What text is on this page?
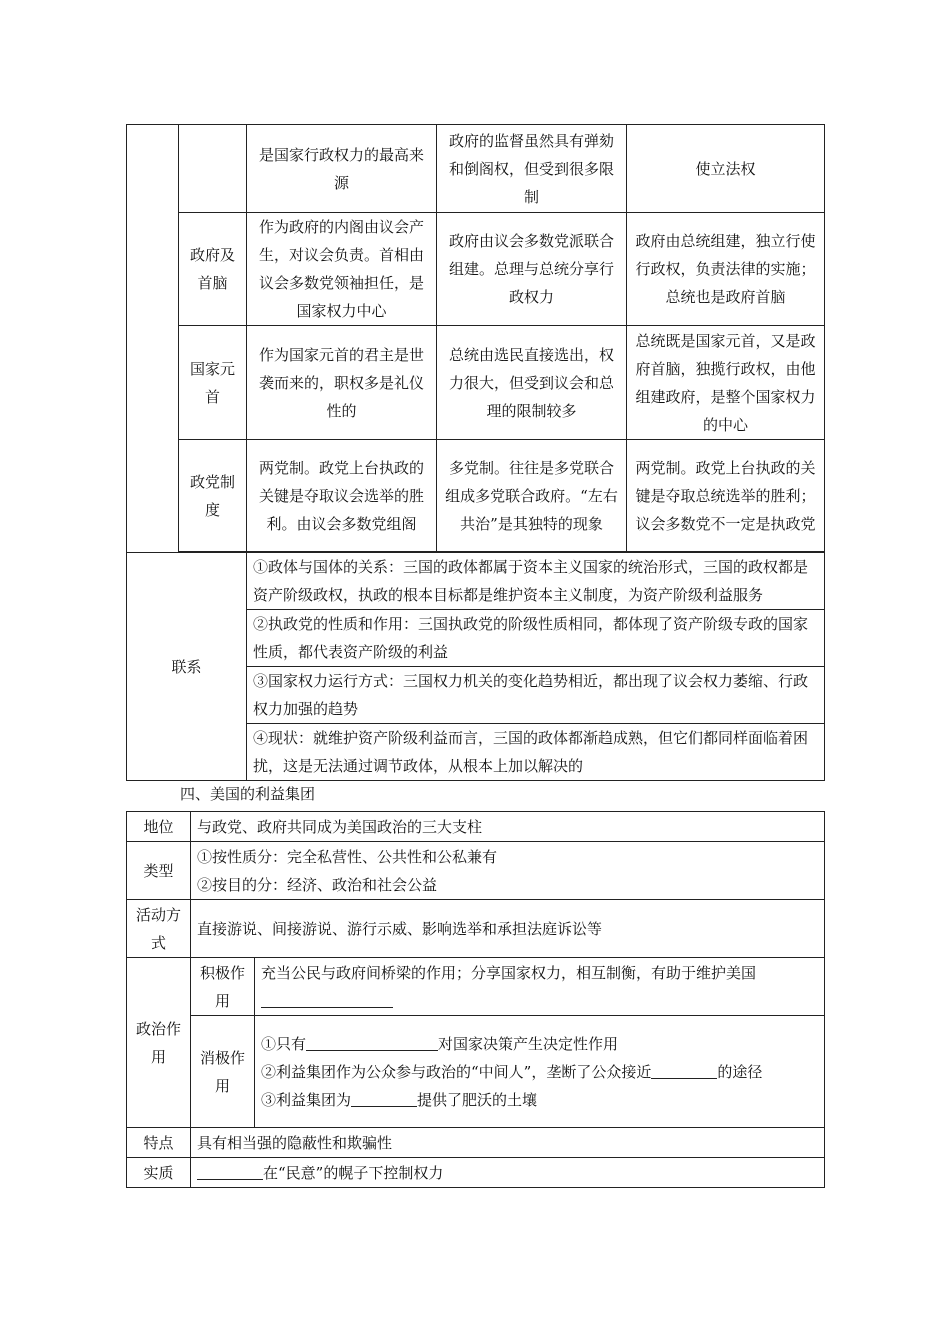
		是国家行政权力的最高来源	政府的监督虽然具有弹劾和倒阁权，但受到很多限制	使立法权
	政府及首脑	作为政府的内阁由议会产生，对议会负责。首相由议会多数党领袖担任，是国家权力中心	政府由议会多数党派联合组建。总理与总统分享行政权力	政府由总统组建，独立行使行政权，负责法律的实施；总统也是政府首脑
	国家元首	作为国家元首的君主是世袭而来的，职权多是礼仪性的	总统由选民直接选出，权力很大，但受到议会和总理的限制较多	总统既是国家元首，又是政府首脑，独揽行政权，由他组建政府，是整个国家权力的中心
	政党制度	两党制。政党上台执政的关键是夺取议会选举的胜利。由议会多数党组阁	多党制。往往是多党联合组成多党联合政府。“左右共治”是其独特的现象	两党制。政党上台执政的关键是夺取总统选举的胜利；议会多数党不一定是执政党

联系		①政体与国体的关系：三国的政体都属于资本主义国家的统治形式，三国的政权都是资产阶级政权，执政的根本目标都是维护资本主义制度，为资产阶级利益服务
②执政党的性质和作用：三国执政党的阶级性质相同，都体现了资产阶级专政的国家性质，都代表资产阶级的利益
③国家权力运行方式：三国权力机关的变化趋势相近，都出现了议会权力萎缩、行政权力加强的趋势
④现状：就维护资产阶级利益而言，三国的政体都渐趋成熟，但它们都同样面临着困扰，这是无法通过调节政体，从根本上加以解决的		
四、美国的利益集团
地位	与政党、政府共同成为美国政治的三大支柱	
类型	①按性质分：完全私营性、公共性和公私兼有
②按目的分：经济、政治和社会公益	

活动方式	直接游说、间接游说、游行示威、影响选举和承担法庭诉讼等	
政治作用	积极作用	充当公民与政府间桥梁的作用；分享国家权力，相互制衡，有助于维护美国
	消极作用	①只有 对国家决策产生决定性作用
②利益集团作为公众参与政治的“中间人”，垄断了公众接近 的途径
③利益集团为 提供了肥沃的土壤

特点	具有相当强的隐蔽性和欺骗性	
实质	在“民意”的幌子下控制权力	
